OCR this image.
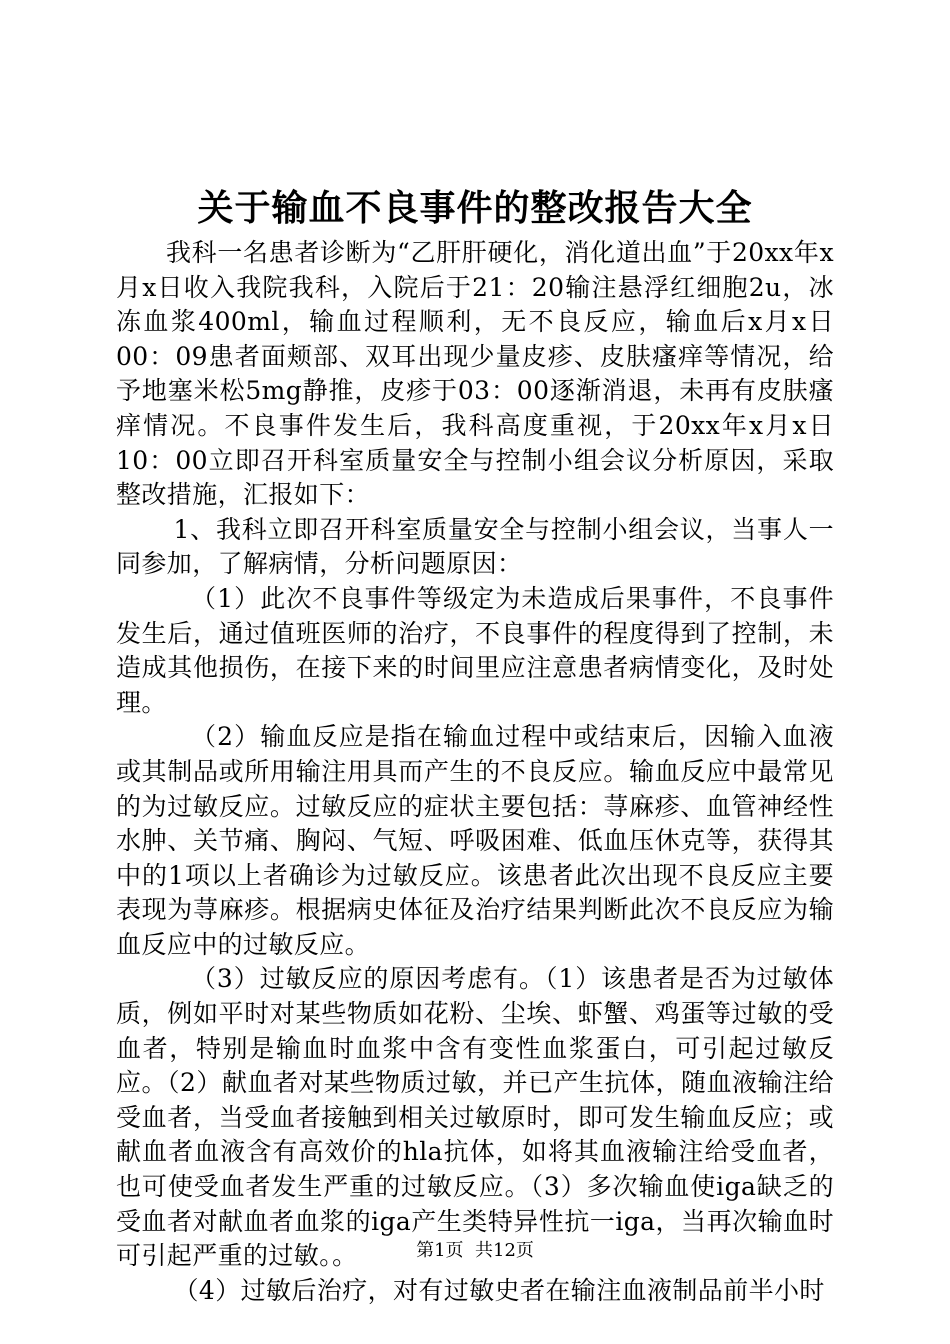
关于输血不良事件的整改报告大全

我科一名患者诊断为“乙肝肝硬化，消化道出血”于20xx年x月x日收入我院我科，入院后于21：20输注悬浮红细胞2u，冰冻血浆400ml，输血过程顺利，无不良反应，输血后x月x日00：09患者面颊部、双耳出现少量皮疹、皮肤瘙痒等情况，给予地塞米松5mg静推，皮疹于03：00逐渐消退，未再有皮肤瘙痒情况。不良事件发生后，我科高度重视，于20xx年x月x日10：00立即召开科室质量安全与控制小组会议分析原因，采取整改措施，汇报如下：

1、我科立即召开科室质量安全与控制小组会议，当事人一同参加，了解病情，分析问题原因：

（1）此次不良事件等级定为未造成后果事件，不良事件发生后，通过值班医师的治疗，不良事件的程度得到了控制，未造成其他损伤，在接下来的时间里应注意患者病情变化，及时处理。

（2）输血反应是指在输血过程中或结束后，因输入血液或其制品或所用输注用具而产生的不良反应。输血反应中最常见的为过敏反应。过敏反应的症状主要包括：荨麻疹、血管神经性水肿、关节痛、胸闷、气短、呼吸困难、低血压休克等，获得其中的1项以上者确诊为过敏反应。该患者此次出现不良反应主要表现为荨麻疹。根据病史体征及治疗结果判断此次不良反应为输血反应中的过敏反应。

（3）过敏反应的原因考虑有。（1）该患者是否为过敏体质，例如平时对某些物质如花粉、尘埃、虾蟹、鸡蛋等过敏的受血者，特别是输血时血浆中含有变性血浆蛋白，可引起过敏反应。（2）献血者对某些物质过敏，并已产生抗体，随血液输注给受血者，当受血者接触到相关过敏原时，即可发生输血反应；或献血者血液含有高效价的hla抗体，如将其血液输注给受血者，也可使受血者发生严重的过敏反应。（3）多次输血使iga缺乏的受血者对献血者血浆的iga产生类特异性抗一iga，当再次输血时可引起严重的过敏。。

（4）过敏后治疗，对有过敏史者在输注血液制品前半小时

第1页  共12页
